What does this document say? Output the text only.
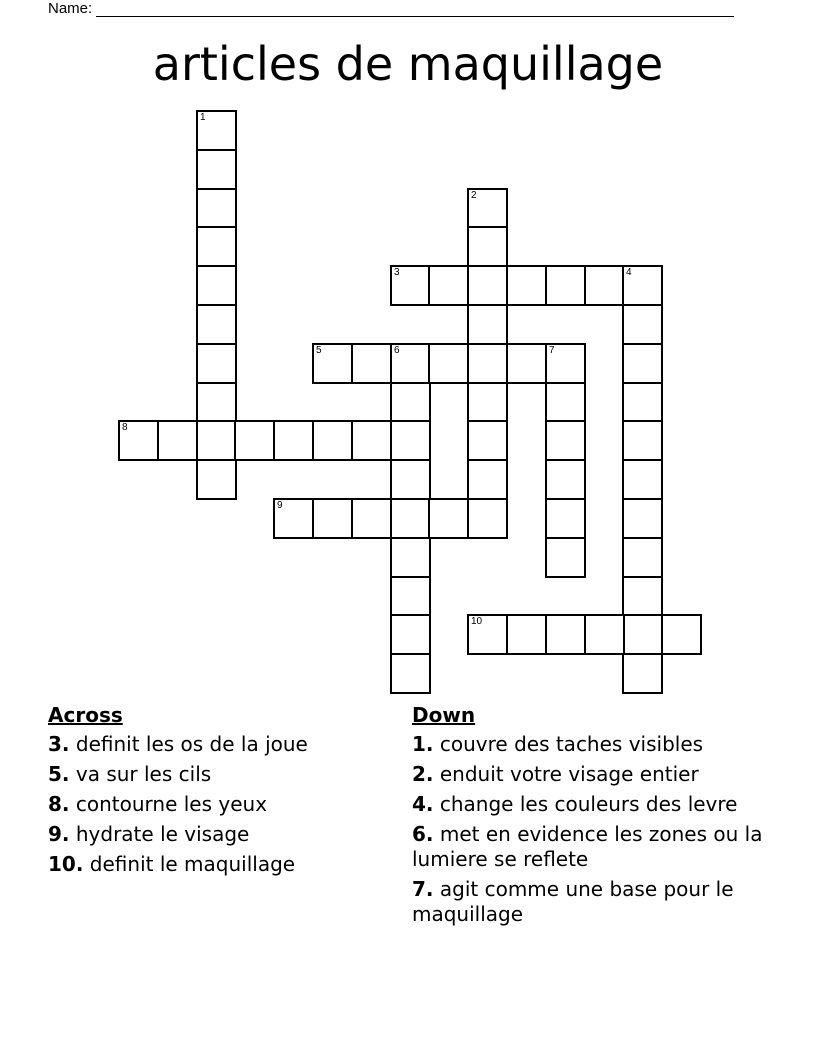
Name:
articles de maquillage
1
2
3	4
5	6	7
8
9
10
Across
3. definit les os de la joue
5. va sur les cils
8. contourne les yeux
9. hydrate le visage
10. definit le maquillage
Down
1. couvre des taches visibles
2. enduit votre visage entier
4. change les couleurs des levre
6. met en evidence les zones ou la lumiere se reflete
7. agit comme une base pour le maquillage
